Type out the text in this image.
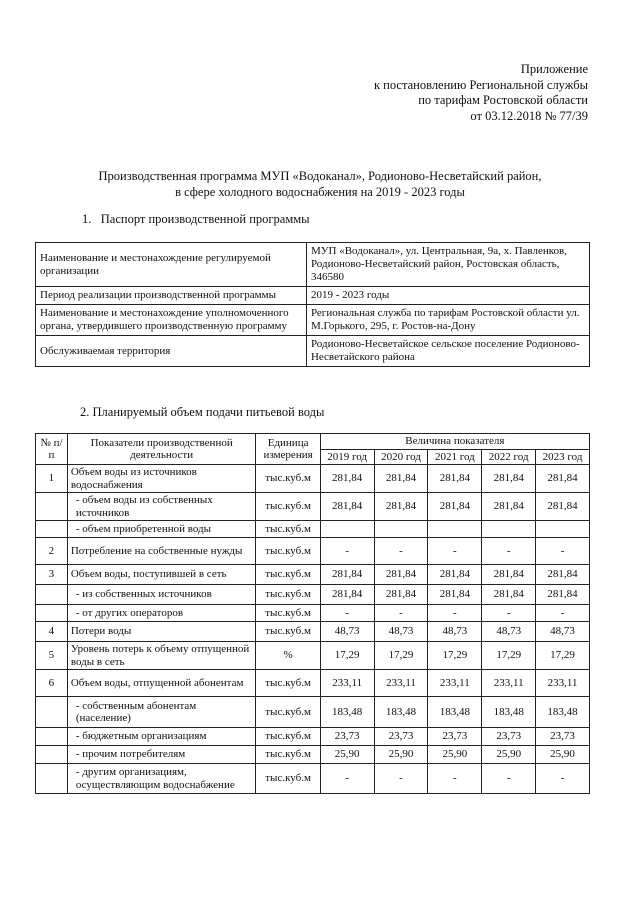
Приложение
к постановлению Региональной службы
по тарифам Ростовской области
от 03.12.2018 № 77/39
Производственная программа МУП «Водоканал», Родионово-Несветайский район,
в сфере холодного водоснабжения на 2019 - 2023 годы
1. Паспорт производственной программы
Наименование и местонахождение регулируемой организации	МУП «Водоканал», ул. Центральная, 9а, х. Павленков, Родионово-Несветайский район, Ростовская область, 346580
Период реализации производственной программы	2019 - 2023 годы
Наименование и местонахождение уполномоченного органа, утвердившего производственную программу	Региональная служба по тарифам Ростовской области ул. М.Горького, 295, г. Ростов-на-Дону
Обслуживаемая территория	Родионово-Несветайское сельское поселение Родионово-Несветайского района
2. Планируемый объем подачи питьевой воды
№ п/п	Показатели производственной деятельности	Единица измерения	Величина показателя				
			2019 год	2020 год	2021 год	2022 год	2023 год
1	Объем воды из источников водоснабжения	тыс.куб.м	281,84	281,84	281,84	281,84	281,84
	- объем воды из собственных источников	тыс.куб.м	281,84	281,84	281,84	281,84	281,84
	- объем приобретенной воды	тыс.куб.м					
2	Потребление на собственные нужды	тыс.куб.м	-	-	-	-	-
3	Объем воды, поступившей в сеть	тыс.куб.м	281,84	281,84	281,84	281,84	281,84
	- из собственных источников	тыс.куб.м	281,84	281,84	281,84	281,84	281,84
	- от других операторов	тыс.куб.м	-	-	-	-	-
4	Потери воды	тыс.куб.м	48,73	48,73	48,73	48,73	48,73
5	Уровень потерь к объему отпущенной воды в сеть	%	17,29	17,29	17,29	17,29	17,29
6	Объем воды, отпущенной абонентам	тыс.куб.м	233,11	233,11	233,11	233,11	233,11
	- собственным абонентам (население)	тыс.куб.м	183,48	183,48	183,48	183,48	183,48
	- бюджетным организациям	тыс.куб.м	23,73	23,73	23,73	23,73	23,73
	- прочим потребителям	тыс.куб.м	25,90	25,90	25,90	25,90	25,90
	- другим организациям, осуществляющим водоснабжение	тыс.куб.м	-	-	-	-	-
